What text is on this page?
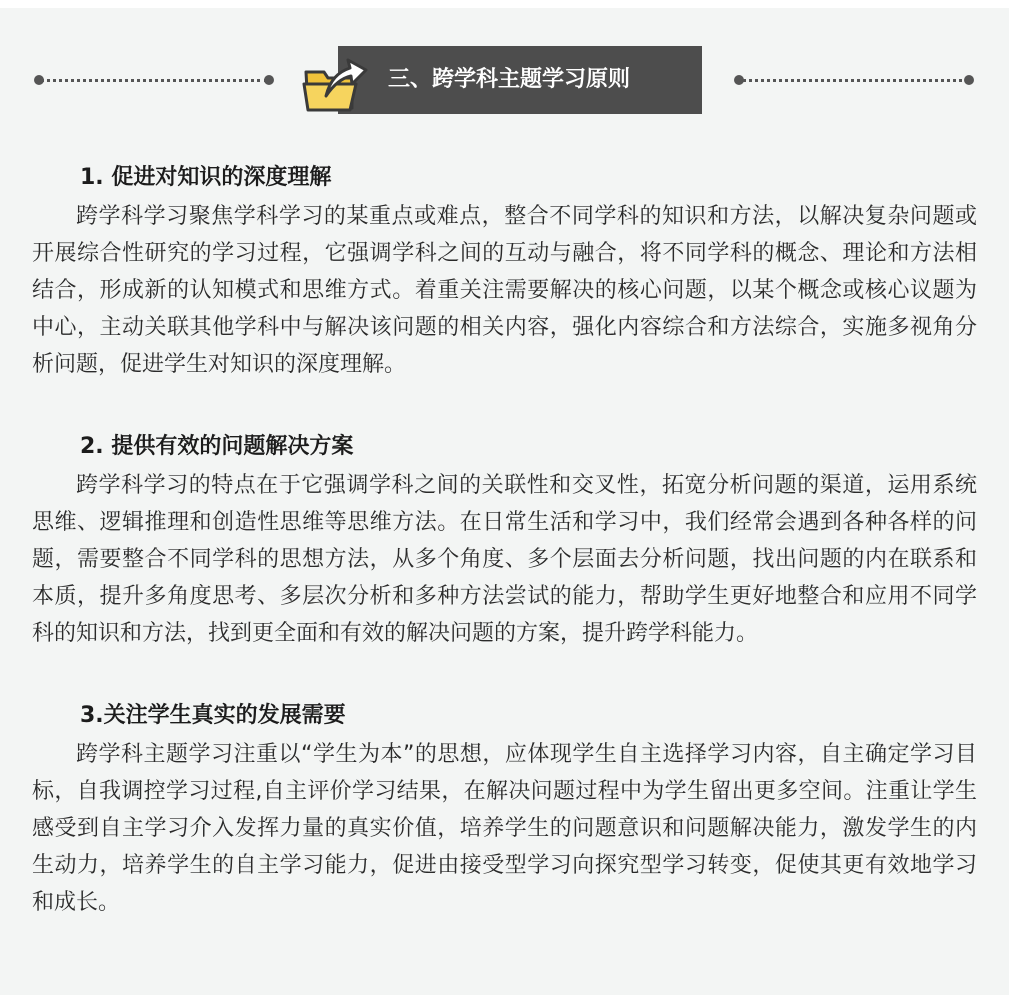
三、跨学科主题学习原则
1. 促进对知识的深度理解

跨学科学习聚焦学科学习的某重点或难点，整合不同学科的知识和方法，以解决复杂问题或开展综合性研究的学习过程，它强调学科之间的互动与融合，将不同学科的概念、理论和方法相结合，形成新的认知模式和思维方式。着重关注需要解决的核心问题，以某个概念或核心议题为中心，主动关联其他学科中与解决该问题的相关内容，强化内容综合和方法综合，实施多视角分析问题，促进学生对知识的深度理解。

2. 提供有效的问题解决方案

跨学科学习的特点在于它强调学科之间的关联性和交叉性，拓宽分析问题的渠道，运用系统思维、逻辑推理和创造性思维等思维方法。在日常生活和学习中，我们经常会遇到各种各样的问题，需要整合不同学科的思想方法，从多个角度、多个层面去分析问题，找出问题的内在联系和本质，提升多角度思考、多层次分析和多种方法尝试的能力，帮助学生更好地整合和应用不同学科的知识和方法，找到更全面和有效的解决问题的方案，提升跨学科能力。

3.关注学生真实的发展需要

跨学科主题学习注重以“学生为本”的思想，应体现学生自主选择学习内容，自主确定学习目标，自我调控学习过程,自主评价学习结果，在解决问题过程中为学生留出更多空间。注重让学生感受到自主学习介入发挥力量的真实价值，培养学生的问题意识和问题解决能力，激发学生的内生动力，培养学生的自主学习能力，促进由接受型学习向探究型学习转变，促使其更有效地学习和成长。
